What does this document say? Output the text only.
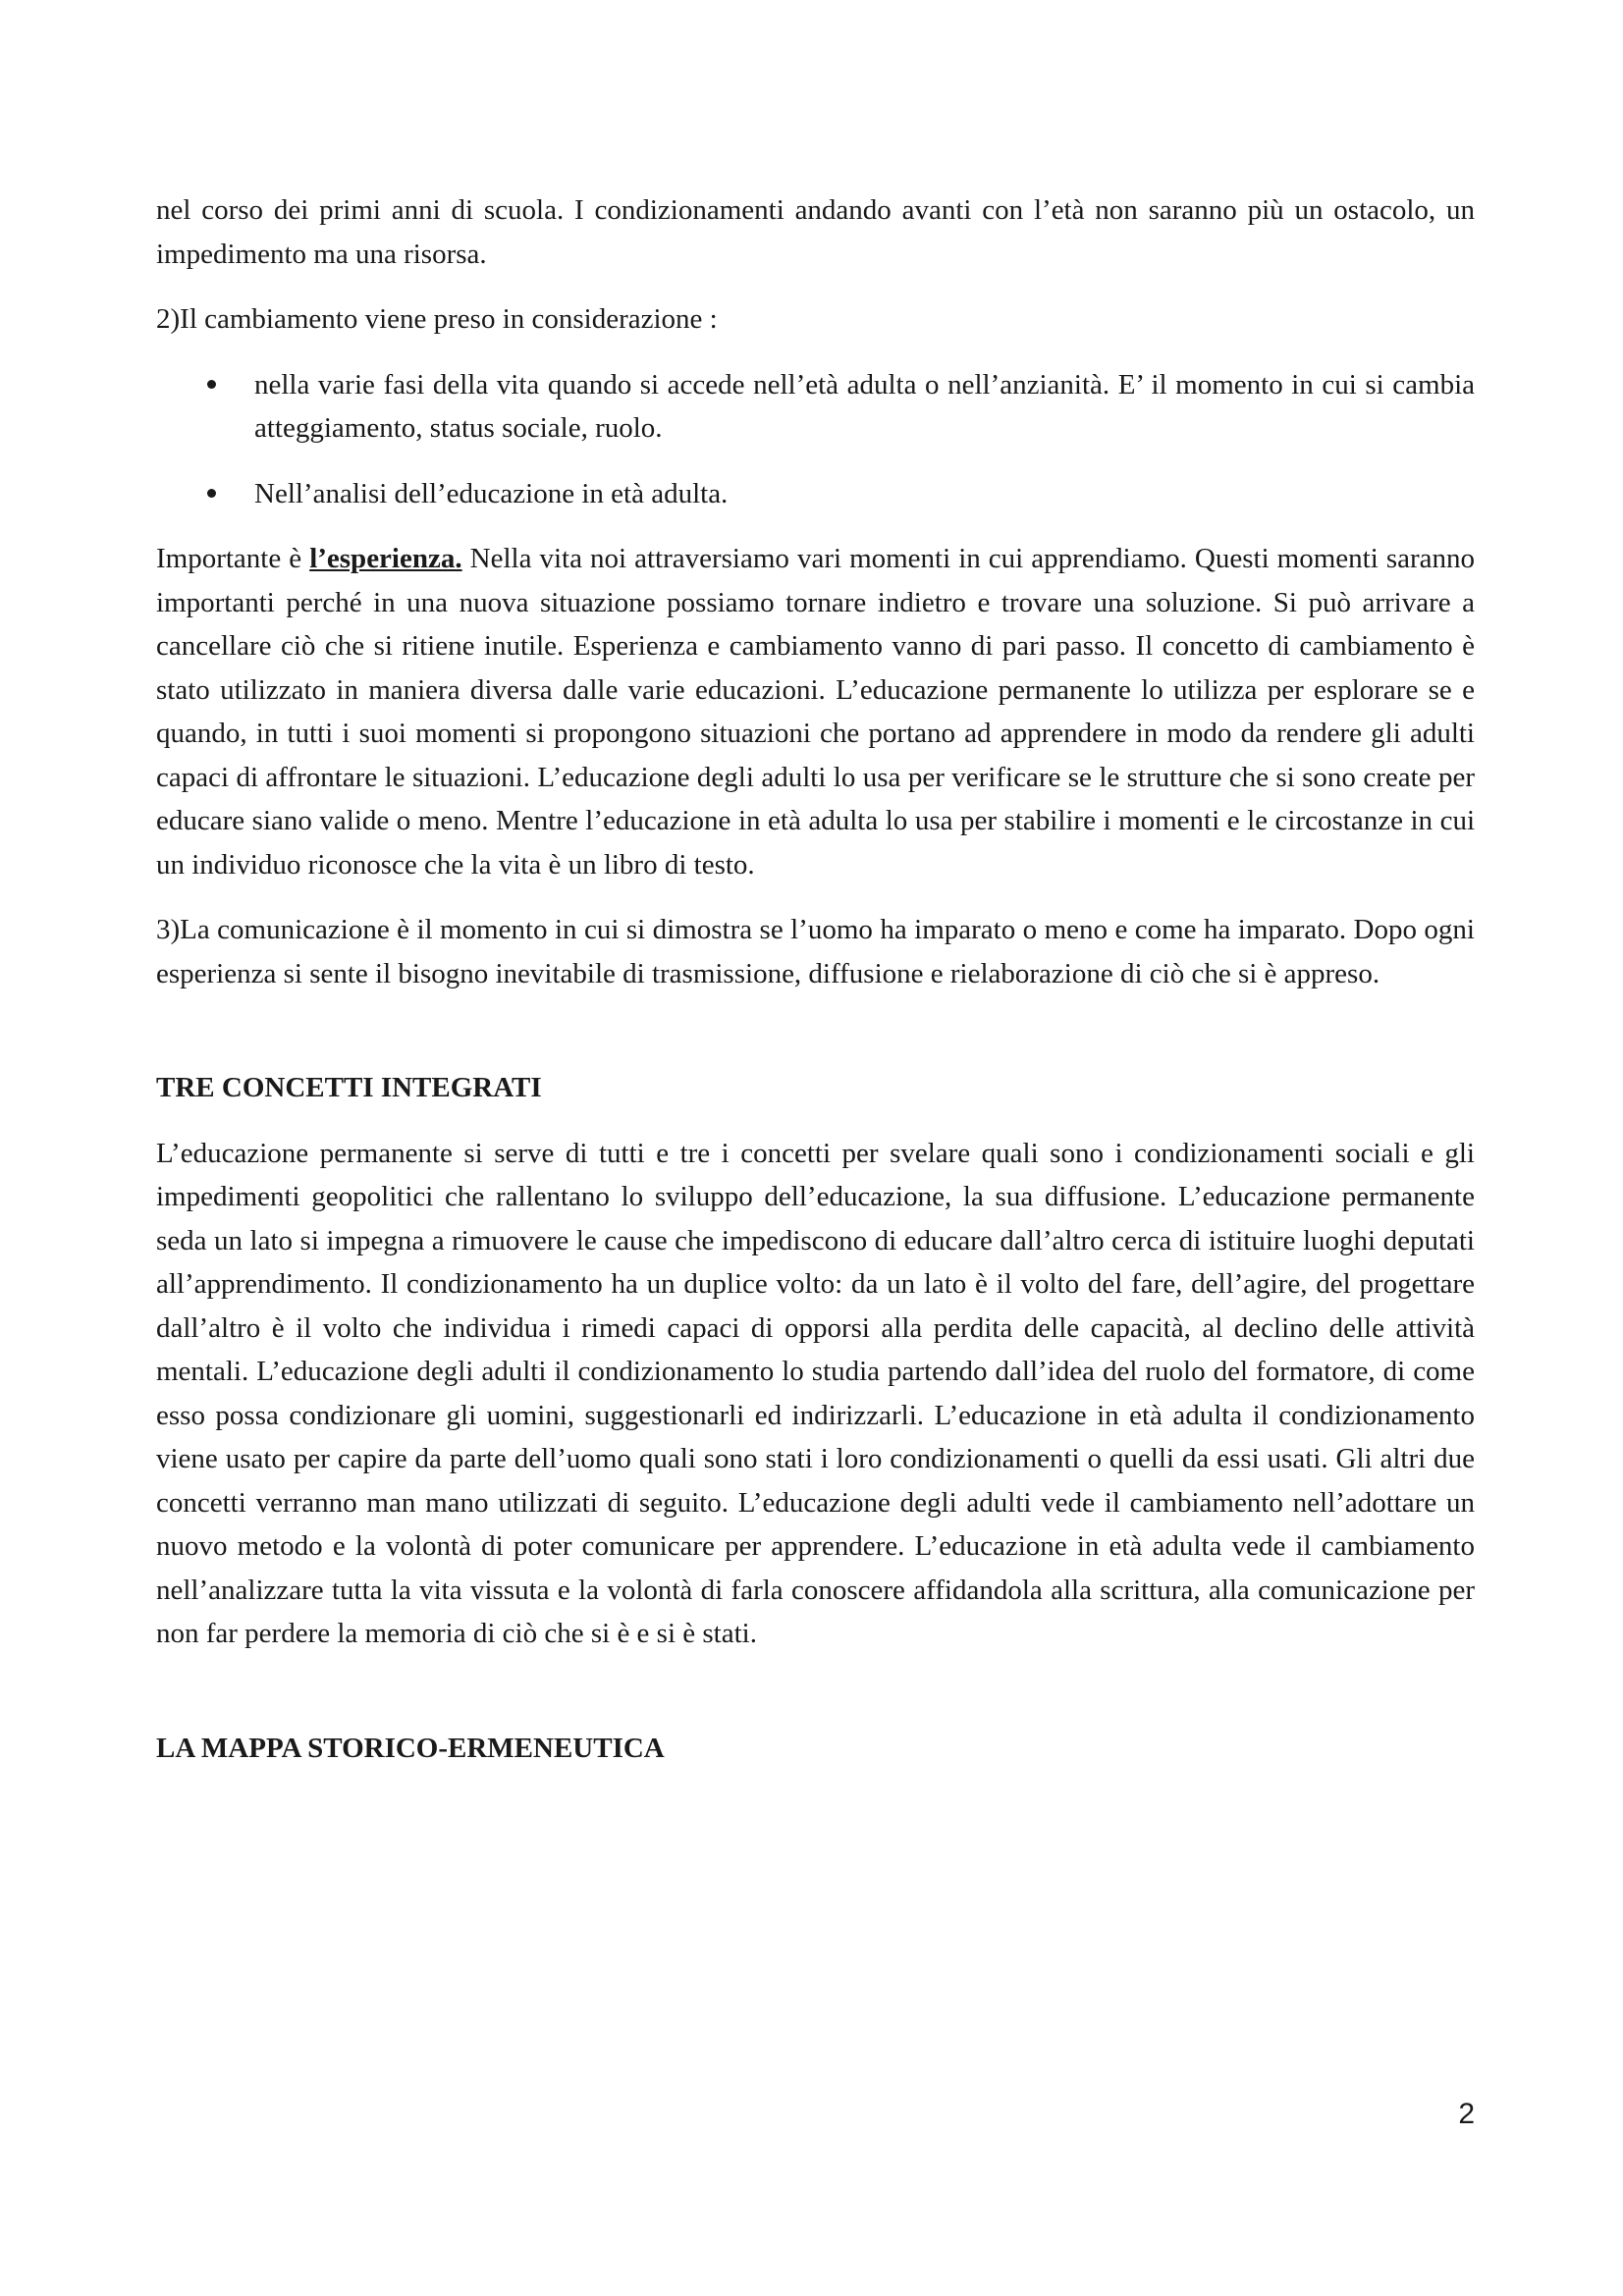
nel corso dei primi anni di scuola. I condizionamenti andando avanti con l’età non saranno più un ostacolo, un impedimento ma una risorsa.

2)Il cambiamento viene preso in considerazione :

nella varie fasi della vita quando si accede nell’età adulta o nell’anzianità. E’ il momento in cui si cambia atteggiamento, status sociale, ruolo.
Nell’analisi dell’educazione in età adulta.

Importante è l’esperienza. Nella vita noi attraversiamo vari momenti in cui apprendiamo. Questi momenti saranno importanti perché in una nuova situazione possiamo tornare indietro e trovare una soluzione. Si può arrivare a cancellare ciò che si ritiene inutile. Esperienza e cambiamento vanno di pari passo. Il concetto di cambiamento è stato utilizzato in maniera diversa dalle varie educazioni. L’educazione permanente lo utilizza per esplorare se e quando, in tutti i suoi momenti si propongono situazioni che portano ad apprendere in modo da rendere gli adulti capaci di affrontare le situazioni. L’educazione degli adulti lo usa per verificare se le strutture che si sono create per educare siano valide o meno. Mentre l’educazione in età adulta lo usa per stabilire i momenti e le circostanze in cui un individuo riconosce che la vita è un libro di testo.

3)La comunicazione è il momento in cui si dimostra se l’uomo ha imparato o meno e come ha imparato. Dopo ogni esperienza si sente il bisogno inevitabile di trasmissione, diffusione e rielaborazione di ciò che si è appreso.

TRE CONCETTI INTEGRATI

L’educazione permanente si serve di tutti e tre i concetti per svelare quali sono i condizionamenti sociali e gli impedimenti geopolitici che rallentano lo sviluppo dell’educazione, la sua diffusione. L’educazione permanente seda un lato si impegna a rimuovere le cause che impediscono di educare dall’altro cerca di istituire luoghi deputati all’apprendimento. Il condizionamento ha un duplice volto: da un lato è il volto del fare, dell’agire, del progettare dall’altro è il volto che individua i rimedi capaci di opporsi alla perdita delle capacità, al declino delle attività mentali. L’educazione degli adulti il condizionamento lo studia partendo dall’idea del ruolo del formatore, di come esso possa condizionare gli uomini, suggestionarli ed indirizzarli. L’educazione in età adulta il condizionamento viene usato per capire da parte dell’uomo quali sono stati i loro condizionamenti o quelli da essi usati. Gli altri due concetti verranno man mano utilizzati di seguito. L’educazione degli adulti vede il cambiamento nell’adottare un nuovo metodo e la volontà di poter comunicare per apprendere. L’educazione in età adulta vede il cambiamento nell’analizzare tutta la vita vissuta e la volontà di farla conoscere affidandola alla scrittura, alla comunicazione per non far perdere la memoria di ciò che si è e si è stati.

LA MAPPA STORICO-ERMENEUTICA
2
